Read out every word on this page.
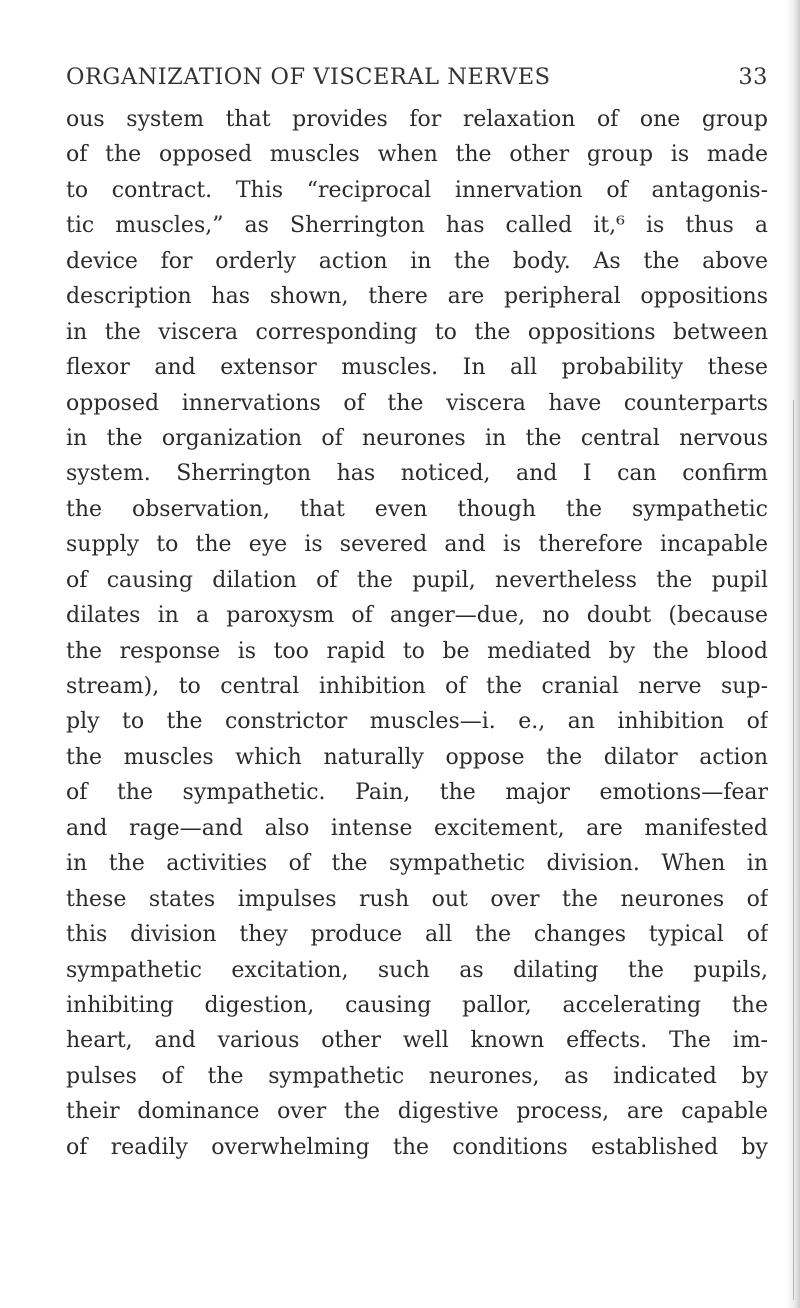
ORGANIZATION OF VISCERAL NERVES	33
ous system that provides for relaxation of one group
of the opposed muscles when the other group is made
to contract. This “reciprocal innervation of antagonis-
tic muscles,” as Sherrington has called it,⁶ is thus a
device for orderly action in the body. As the above
description has shown, there are peripheral oppositions
in the viscera corresponding to the oppositions between
flexor and extensor muscles. In all probability these
opposed innervations of the viscera have counterparts
in the organization of neurones in the central nervous
system. Sherrington has noticed, and I can confirm
the observation, that even though the sympathetic
supply to the eye is severed and is therefore incapable
of causing dilation of the pupil, nevertheless the pupil
dilates in a paroxysm of anger—due, no doubt (because
the response is too rapid to be mediated by the blood
stream), to central inhibition of the cranial nerve sup-
ply to the constrictor muscles—i. e., an inhibition of
the muscles which naturally oppose the dilator action
of the sympathetic. Pain, the major emotions—fear
and rage—and also intense excitement, are manifested
in the activities of the sympathetic division. When in
these states impulses rush out over the neurones of
this division they produce all the changes typical of
sympathetic excitation, such as dilating the pupils,
inhibiting digestion, causing pallor, accelerating the
heart, and various other well known effects. The im-
pulses of the sympathetic neurones, as indicated by
their dominance over the digestive process, are capable
of readily overwhelming the conditions established by
